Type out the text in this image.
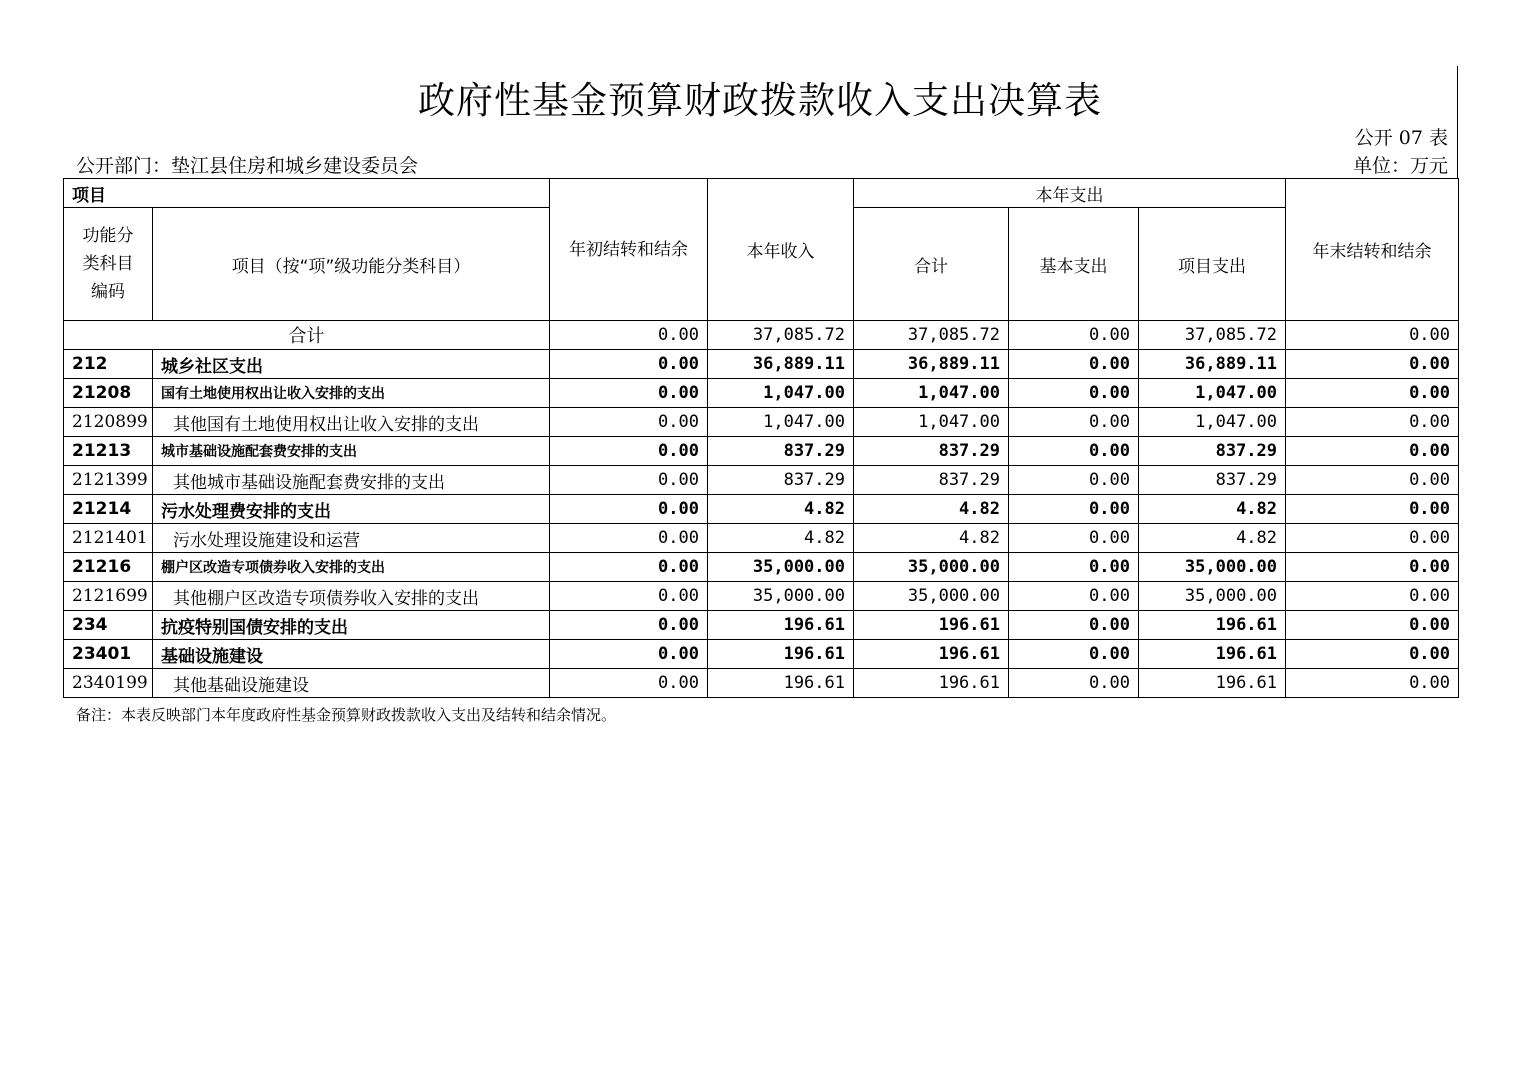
政府性基金预算财政拨款收入支出决算表
公开 07 表
公开部门：垫江县住房和城乡建设委员会	单位：万元
项目		年初结转和结余	本年收入	本年支出			年末结转和结余
功能分类科目编码	项目（按“项”级功能分类科目）			合计	基本支出	项目支出	
合计		0.00	37,085.72	37,085.72	0.00	37,085.72	0.00
212	城乡社区支出	0.00	36,889.11	36,889.11	0.00	36,889.11	0.00
21208	国有土地使用权出让收入安排的支出	0.00	1,047.00	1,047.00	0.00	1,047.00	0.00
2120899	其他国有土地使用权出让收入安排的支出	0.00	1,047.00	1,047.00	0.00	1,047.00	0.00
21213	城市基础设施配套费安排的支出	0.00	837.29	837.29	0.00	837.29	0.00
2121399	其他城市基础设施配套费安排的支出	0.00	837.29	837.29	0.00	837.29	0.00
21214	污水处理费安排的支出	0.00	4.82	4.82	0.00	4.82	0.00
2121401	污水处理设施建设和运营	0.00	4.82	4.82	0.00	4.82	0.00
21216	棚户区改造专项债券收入安排的支出	0.00	35,000.00	35,000.00	0.00	35,000.00	0.00
2121699	其他棚户区改造专项债券收入安排的支出	0.00	35,000.00	35,000.00	0.00	35,000.00	0.00
234	抗疫特别国债安排的支出	0.00	196.61	196.61	0.00	196.61	0.00
23401	基础设施建设	0.00	196.61	196.61	0.00	196.61	0.00
2340199	其他基础设施建设	0.00	196.61	196.61	0.00	196.61	0.00
备注：本表反映部门本年度政府性基金预算财政拨款收入支出及结转和结余情况。
